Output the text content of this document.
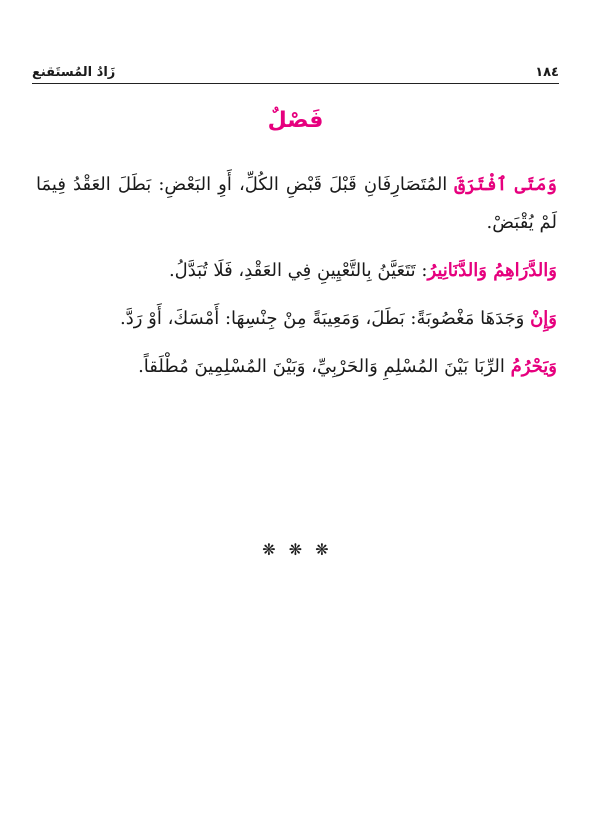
١٨٤
زَادُ المُستَقنع
فَصْلٌ

وَمَتَى ٱفْتَرَقَ المُتَصَارِفَانِ قَبْلَ قَبْضِ الكُلِّ، أَوِ البَعْضِ: بَطَلَ العَقْدُ فِيمَا لَمْ يُقْبَضْ.

وَالدَّرَاهِمُ وَالدَّنَانِيرُ: تَتَعَيَّنُ بِالتَّعْيِينِ فِي العَقْدِ، فَلَا تُبَدَّلُ.

وَإِنْ وَجَدَهَا مَغْصُوبَةً: بَطَلَ، وَمَعِيبَةً مِنْ جِنْسِهَا: أَمْسَكَ، أَوْ رَدَّ.

وَيَحْرُمُ الرِّبَا بَيْنَ المُسْلِمِ وَالحَرْبِيِّ، وَبَيْنَ المُسْلِمِينَ مُطْلَقاً.

❋ ❋ ❋
